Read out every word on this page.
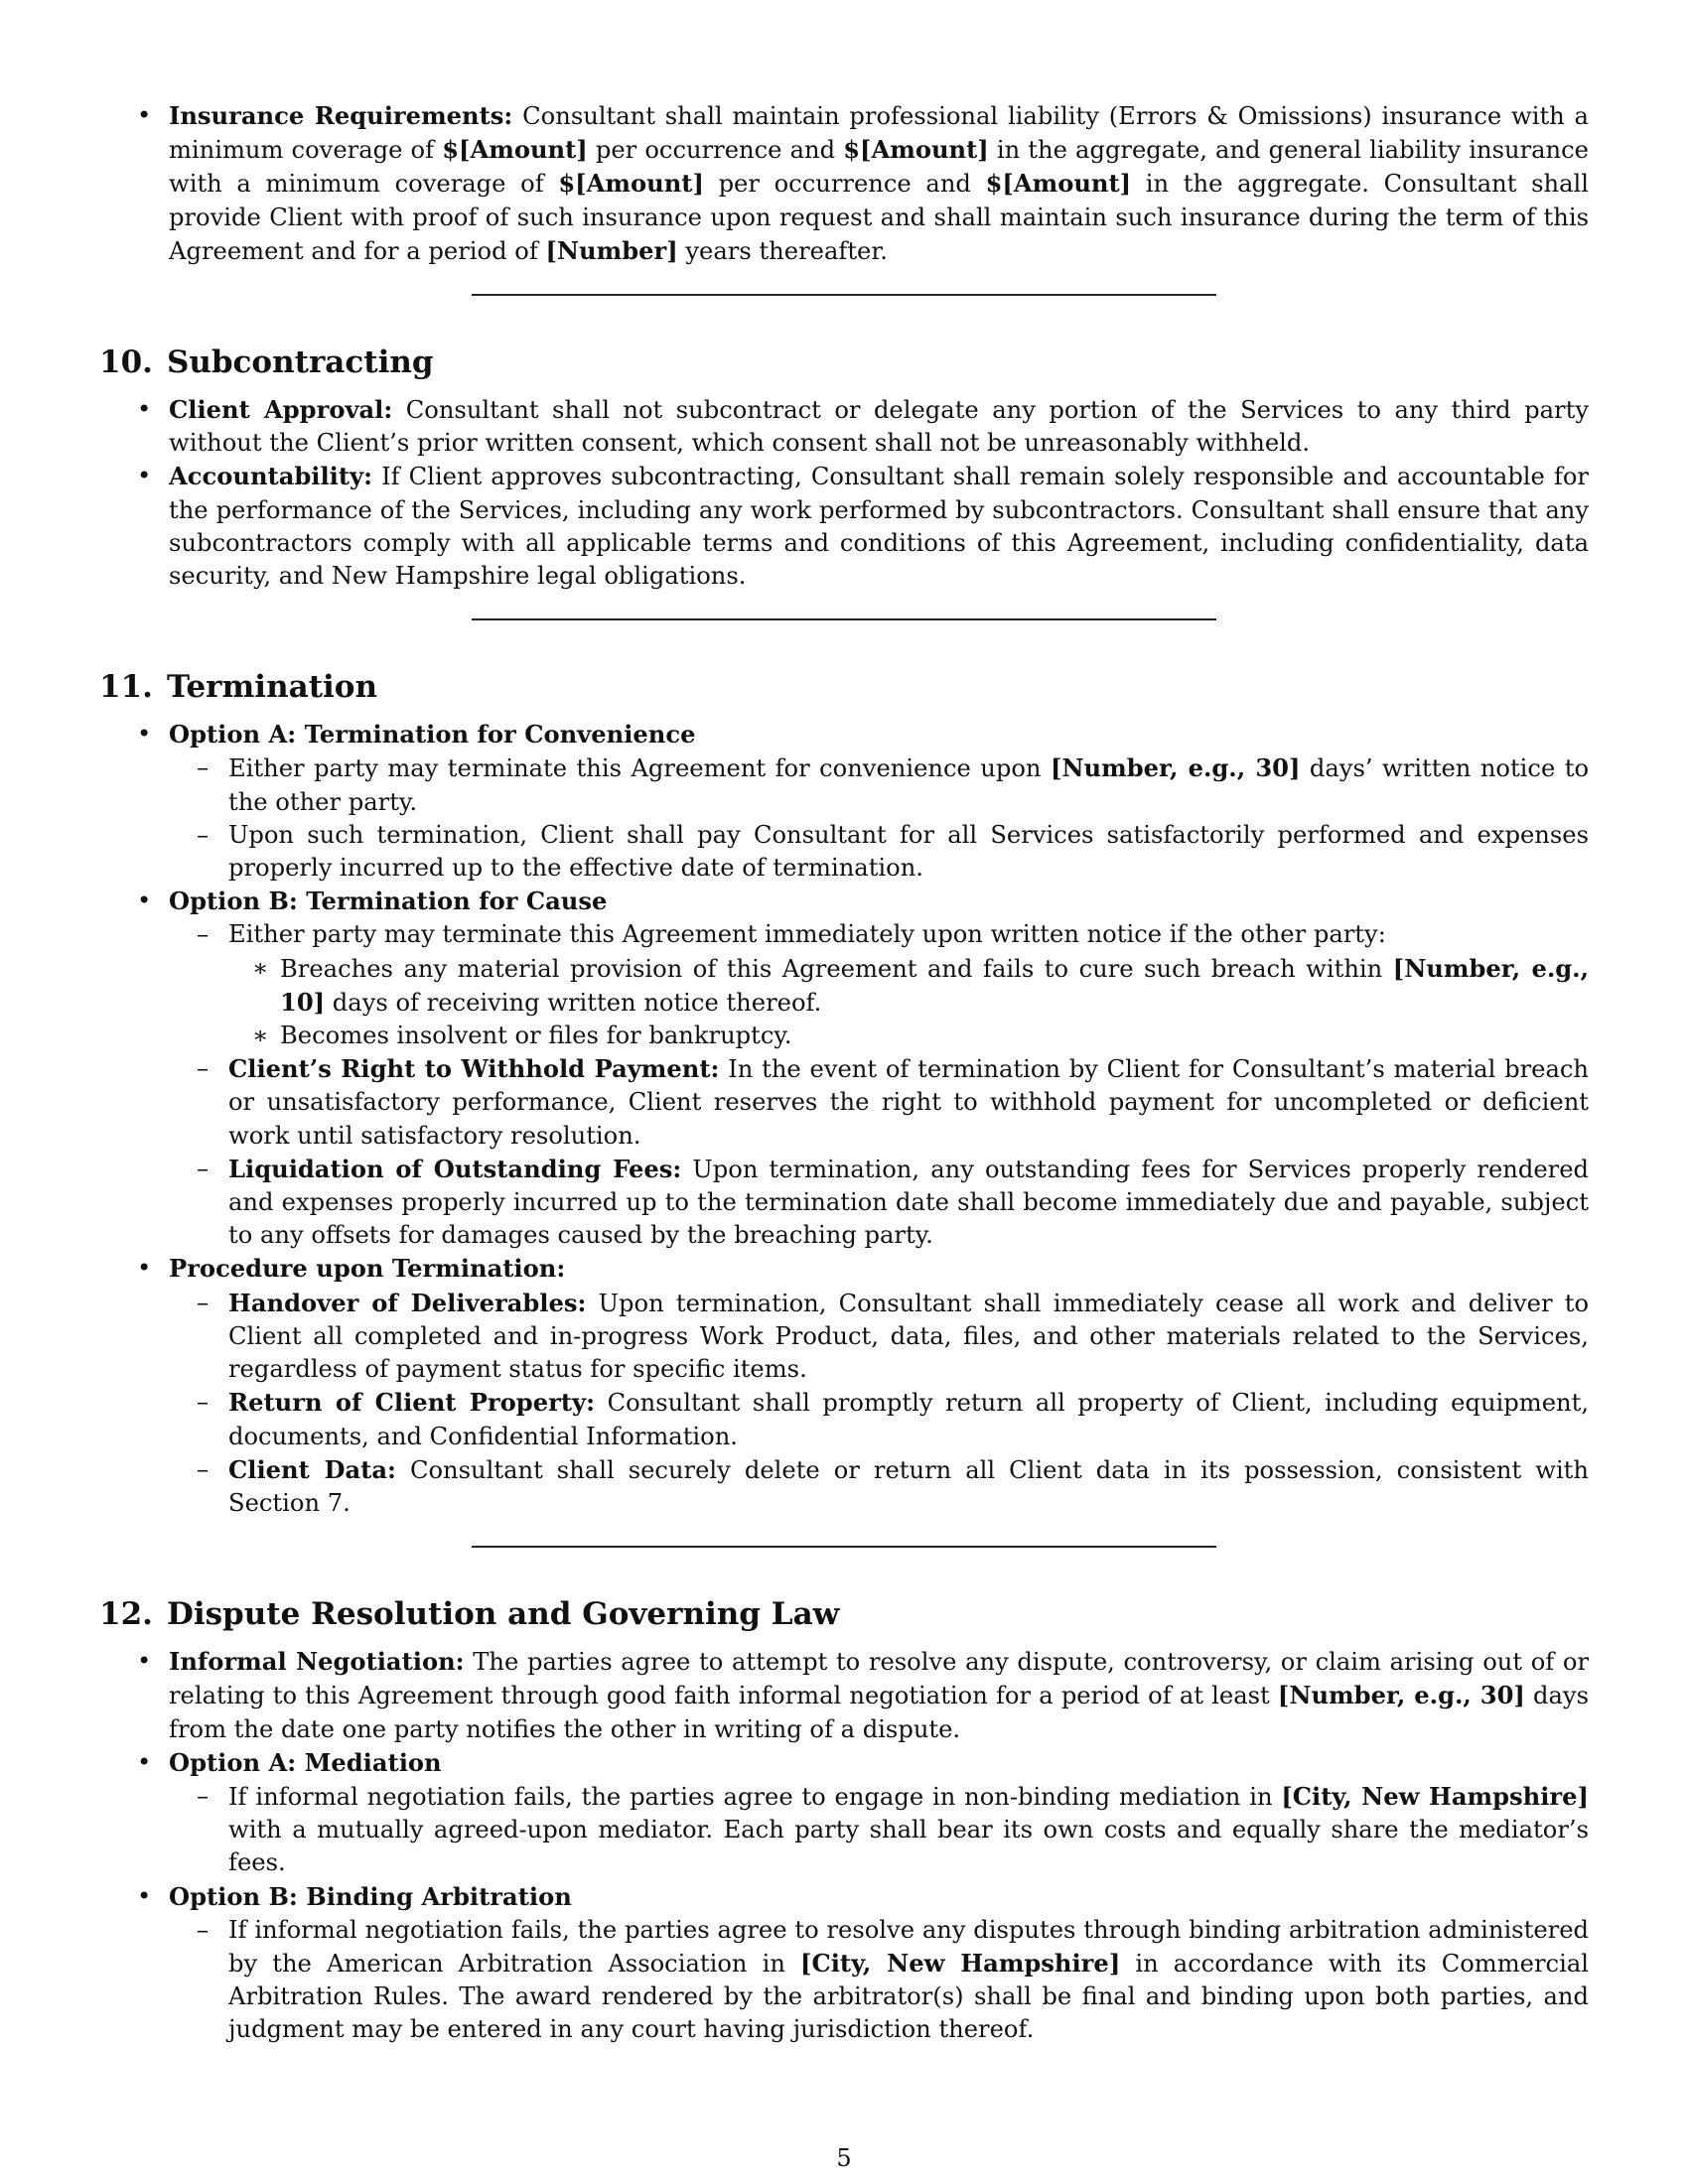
• Insurance Requirements: Consultant shall maintain professional liability (Errors & Omissions) insurance with a minimum coverage of $[Amount] per occurrence and $[Amount] in the aggregate, and general liability insurance with a minimum coverage of $[Amount] per occurrence and $[Amount] in the aggregate. Consultant shall provide Client with proof of such insurance upon request and shall maintain such insurance during the term of this Agreement and for a period of [Number] years thereafter.
10. Subcontracting
• Client Approval: Consultant shall not subcontract or delegate any portion of the Services to any third party without the Client’s prior written consent, which consent shall not be unreasonably withheld.
• Accountability: If Client approves subcontracting, Consultant shall remain solely responsible and accountable for the performance of the Services, including any work performed by subcontractors. Consultant shall ensure that any subcontractors comply with all applicable terms and conditions of this Agreement, including confidentiality, data security, and New Hampshire legal obligations.
11. Termination
• Option A: Termination for Convenience
– Either party may terminate this Agreement for convenience upon [Number, e.g., 30] days’ written notice to the other party.
– Upon such termination, Client shall pay Consultant for all Services satisfactorily performed and expenses properly incurred up to the effective date of termination.
• Option B: Termination for Cause
– Either party may terminate this Agreement immediately upon written notice if the other party:
∗ Breaches any material provision of this Agreement and fails to cure such breach within [Number, e.g., 10] days of receiving written notice thereof.
∗ Becomes insolvent or files for bankruptcy.
– Client’s Right to Withhold Payment: In the event of termination by Client for Consultant’s material breach or unsatisfactory performance, Client reserves the right to withhold payment for uncompleted or deficient work until satisfactory resolution.
– Liquidation of Outstanding Fees: Upon termination, any outstanding fees for Services properly rendered and expenses properly incurred up to the termination date shall become immediately due and payable, subject to any offsets for damages caused by the breaching party.
• Procedure upon Termination:
– Handover of Deliverables: Upon termination, Consultant shall immediately cease all work and deliver to Client all completed and in-progress Work Product, data, files, and other materials related to the Services, regardless of payment status for specific items.
– Return of Client Property: Consultant shall promptly return all property of Client, including equipment, documents, and Confidential Information.
– Client Data: Consultant shall securely delete or return all Client data in its possession, consistent with Section 7.
12. Dispute Resolution and Governing Law
• Informal Negotiation: The parties agree to attempt to resolve any dispute, controversy, or claim arising out of or relating to this Agreement through good faith informal negotiation for a period of at least [Number, e.g., 30] days from the date one party notifies the other in writing of a dispute.
• Option A: Mediation
– If informal negotiation fails, the parties agree to engage in non-binding mediation in [City, New Hampshire] with a mutually agreed-upon mediator. Each party shall bear its own costs and equally share the mediator’s fees.
• Option B: Binding Arbitration
– If informal negotiation fails, the parties agree to resolve any disputes through binding arbitration administered by the American Arbitration Association in [City, New Hampshire] in accordance with its Commercial Arbitration Rules. The award rendered by the arbitrator(s) shall be final and binding upon both parties, and judgment may be entered in any court having jurisdiction thereof.
5
